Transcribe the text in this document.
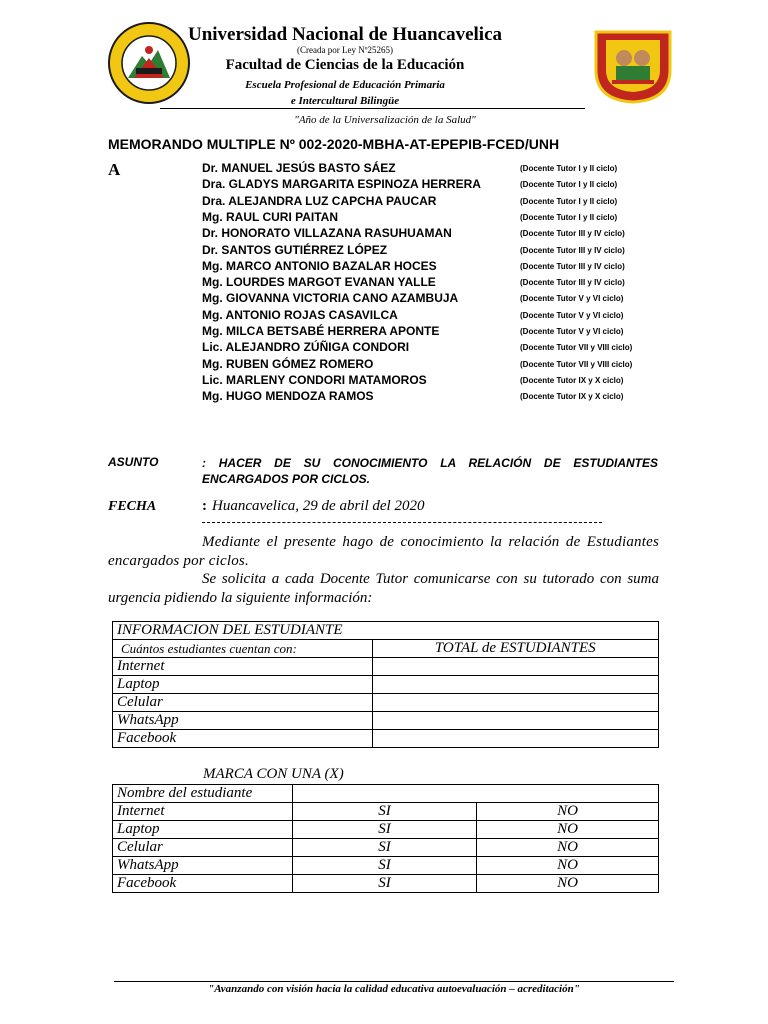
Universidad Nacional de Huancavelica
(Creada por Ley Nº25265)
Facultad de Ciencias de la Educación
Escuela Profesional de Educación Primaria
e Intercultural Bilingüe
"Año de la Universalización de la Salud"
MEMORANDO MULTIPLE Nº 002-2020-MBHA-AT-EPEPIB-FCED/UNH
A	Dr. MANUEL JESÚS BASTO SÁEZ	(Docente Tutor I y II ciclo)
Dra. GLADYS MARGARITA ESPINOZA HERRERA	(Docente Tutor I y II ciclo)
Dra. ALEJANDRA LUZ CAPCHA PAUCAR	(Docente Tutor I y II ciclo)
Mg. RAUL CURI PAITAN	(Docente Tutor I y II ciclo)
Dr. HONORATO VILLAZANA RASUHUAMAN	(Docente Tutor III y IV ciclo)
Dr. SANTOS GUTIÉRREZ LÓPEZ	(Docente Tutor III y IV ciclo)
Mg. MARCO ANTONIO BAZALAR HOCES	(Docente Tutor III y IV ciclo)
Mg. LOURDES MARGOT EVANAN YALLE	(Docente Tutor III y IV ciclo)
Mg. GIOVANNA VICTORIA CANO AZAMBUJA	(Docente Tutor V y VI ciclo)
Mg. ANTONIO ROJAS CASAVILCA	(Docente Tutor V y VI ciclo)
Mg. MILCA BETSABÉ HERRERA APONTE	(Docente Tutor V y VI ciclo)
Lic. ALEJANDRO ZÚÑIGA CONDORI	(Docente Tutor VII y VIII ciclo)
Mg. RUBEN GÓMEZ ROMERO	(Docente Tutor VII y VIII ciclo)
Lic. MARLENY CONDORI MATAMOROS	(Docente Tutor IX y X ciclo)
Mg. HUGO MENDOZA RAMOS	(Docente Tutor IX y X ciclo)
ASUNTO	: HACER DE SU CONOCIMIENTO LA RELACIÓN DE ESTUDIANTES ENCARGADOS POR CICLOS.
FECHA	: Huancavelica, 29 de abril del 2020
Mediante el presente hago de conocimiento la relación de Estudiantes encargados por ciclos.
Se solicita a cada Docente Tutor comunicarse con su tutorado con suma urgencia pidiendo la siguiente información:
INFORMACION DEL ESTUDIANTE	
Cuántos estudiantes cuentan con:	TOTAL de ESTUDIANTES
Internet	
Laptop	
Celular	
WhatsApp	
Facebook	
MARCA CON UNA (X)
Nombre del estudiante		
Internet	SI	NO
Laptop	SI	NO
Celular	SI	NO
WhatsApp	SI	NO
Facebook	SI	NO
"Avanzando con visión hacia la calidad educativa autoevaluación – acreditación"
